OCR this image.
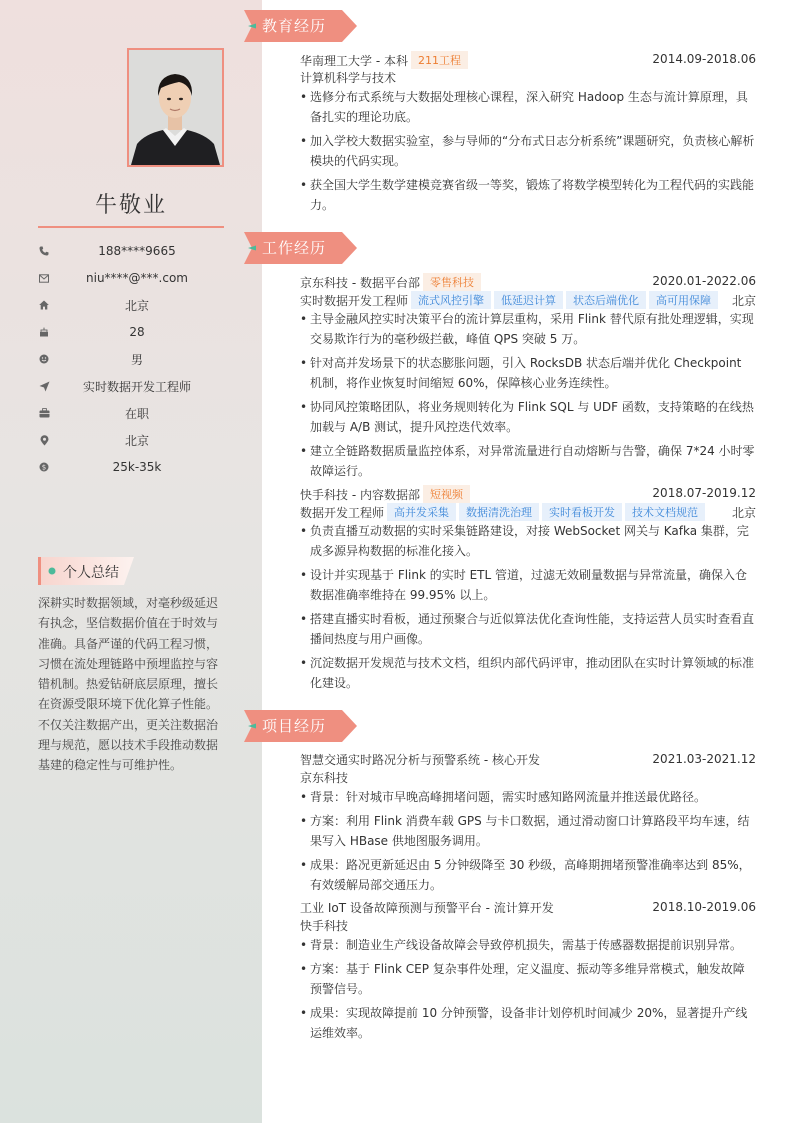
牛敬业
188****9665
niu****@***.com
北京
28
男
实时数据开发工程师
在职
北京
$	25k-35k
个人总结
深耕实时数据领域，对毫秒级延迟有执念，坚信数据价值在于时效与准确。具备严谨的代码工程习惯，习惯在流处理链路中预埋监控与容错机制。热爱钻研底层原理，擅长在资源受限环境下优化算子性能。不仅关注数据产出，更关注数据治理与规范，愿以技术手段推动数据基建的稳定性与可维护性。
教育经历
华南理工大学 - 本科 211工程	2014.09-2018.06
计算机科学与技术
• 选修分布式系统与大数据处理核心课程，深入研究 Hadoop 生态与流计算原理，具备扎实的理论功底。
• 加入学校大数据实验室，参与导师的“分布式日志分析系统”课题研究，负责核心解析模块的代码实现。
• 获全国大学生数学建模竞赛省级一等奖，锻炼了将数学模型转化为工程代码的实践能力。
工作经历
京东科技 - 数据平台部 零售科技	2020.01-2022.06
实时数据开发工程师 流式风控引擎 低延迟计算 状态后端优化 高可用保障 北京
• 主导金融风控实时决策平台的流计算层重构，采用 Flink 替代原有批处理逻辑，实现交易欺诈行为的毫秒级拦截，峰值 QPS 突破 5 万。
• 针对高并发场景下的状态膨胀问题，引入 RocksDB 状态后端并优化 Checkpoint 机制，将作业恢复时间缩短 60%，保障核心业务连续性。
• 协同风控策略团队，将业务规则转化为 Flink SQL 与 UDF 函数，支持策略的在线热加载与 A/B 测试，提升风控迭代效率。
• 建立全链路数据质量监控体系，对异常流量进行自动熔断与告警，确保 7*24 小时零故障运行。
快手科技 - 内容数据部 短视频	2018.07-2019.12
数据开发工程师 高并发采集 数据清洗治理 实时看板开发 技术文档规范	北京
• 负责直播互动数据的实时采集链路建设，对接 WebSocket 网关与 Kafka 集群，完成多源异构数据的标准化接入。
• 设计并实现基于 Flink 的实时 ETL 管道，过滤无效刷量数据与异常流量，确保入仓数据准确率维持在 99.95% 以上。
• 搭建直播实时看板，通过预聚合与近似算法优化查询性能，支持运营人员实时查看直播间热度与用户画像。
• 沉淀数据开发规范与技术文档，组织内部代码评审，推动团队在实时计算领域的标准化建设。
项目经历
智慧交通实时路况分析与预警系统 - 核心开发	2021.03-2021.12
京东科技
• 背景：针对城市早晚高峰拥堵问题，需实时感知路网流量并推送最优路径。
• 方案：利用 Flink 消费车载 GPS 与卡口数据，通过滑动窗口计算路段平均车速，结果写入 HBase 供地图服务调用。
• 成果：路况更新延迟由 5 分钟级降至 30 秒级，高峰期拥堵预警准确率达到 85%，有效缓解局部交通压力。
工业 IoT 设备故障预测与预警平台 - 流计算开发	2018.10-2019.06
快手科技
• 背景：制造业生产线设备故障会导致停机损失，需基于传感器数据提前识别异常。
• 方案：基于 Flink CEP 复杂事件处理，定义温度、振动等多维异常模式，触发故障预警信号。
• 成果：实现故障提前 10 分钟预警，设备非计划停机时间减少 20%，显著提升产线运维效率。
